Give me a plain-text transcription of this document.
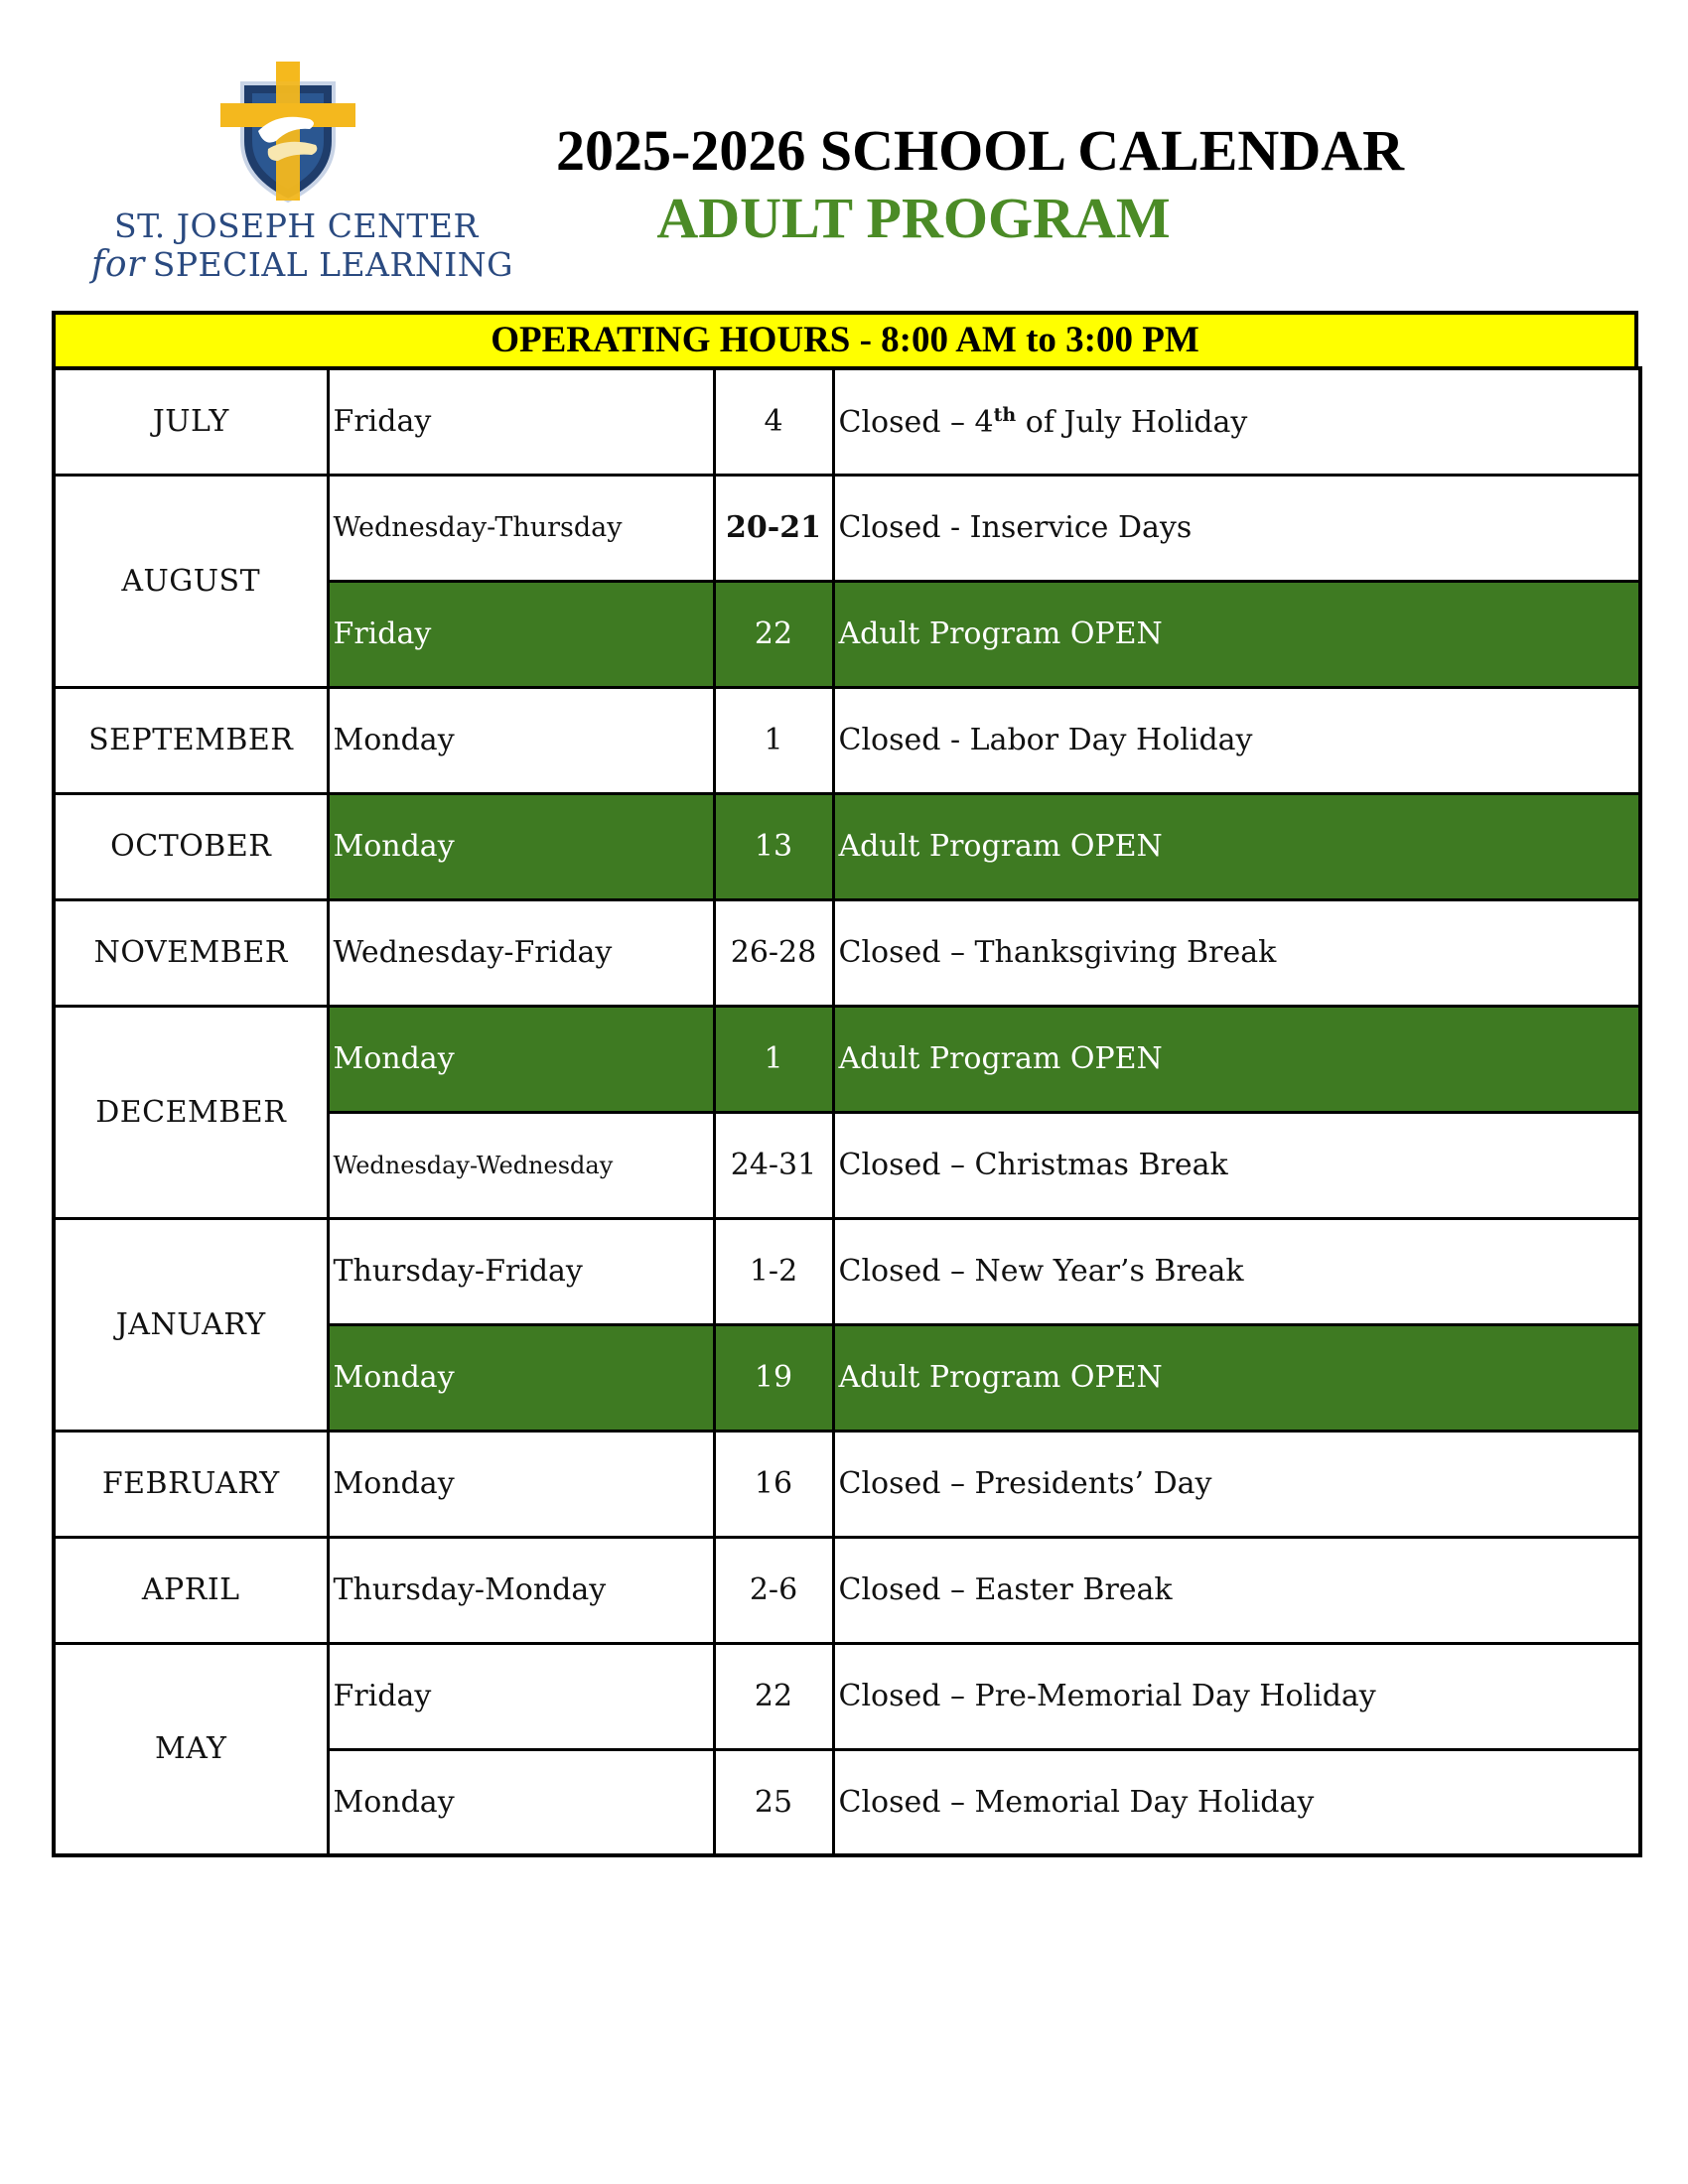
ST. JOSEPH CENTER
for SPECIAL LEARNING
2025-2026 SCHOOL CALENDAR
ADULT PROGRAM
OPERATING HOURS - 8:00 AM to 3:00 PM
JULY	Friday	4	Closed – 4th of July Holiday
AUGUST	Wednesday-Thursday	20-21	Closed - Inservice Days
	Friday	22	Adult Program OPEN
SEPTEMBER	Monday	1	Closed - Labor Day Holiday
OCTOBER	Monday	13	Adult Program OPEN
NOVEMBER	Wednesday-Friday	26-28	Closed – Thanksgiving Break
DECEMBER	Monday	1	Adult Program OPEN
	Wednesday-Wednesday	24-31	Closed – Christmas Break
JANUARY	Thursday-Friday	1-2	Closed – New Year’s Break
	Monday	19	Adult Program OPEN
FEBRUARY	Monday	16	Closed – Presidents’ Day
APRIL	Thursday-Monday	2-6	Closed – Easter Break
MAY	Friday	22	Closed – Pre-Memorial Day Holiday
	Monday	25	Closed – Memorial Day Holiday
